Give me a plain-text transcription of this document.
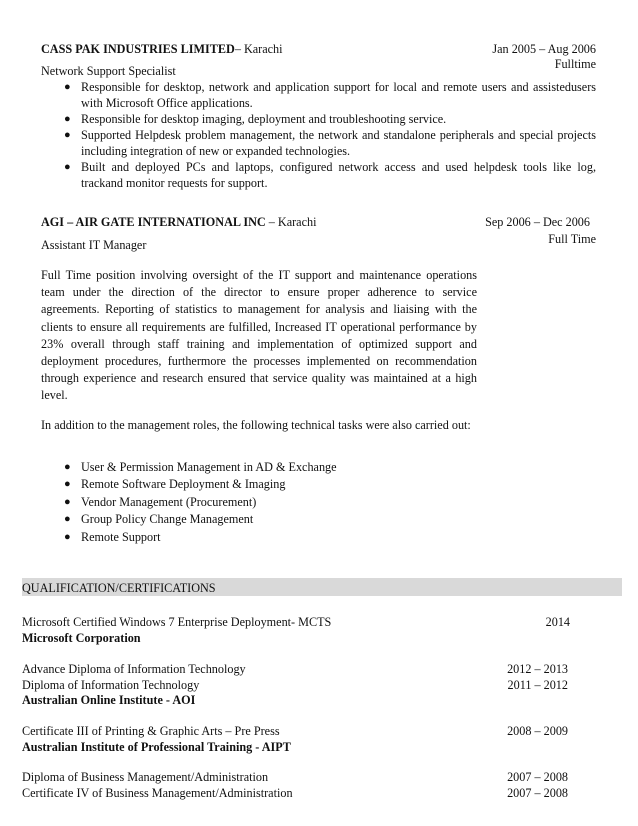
CASS PAK INDUSTRIES LIMITED– Karachi	Jan 2005 – Aug 2006
Fulltime
Network Support Specialist
● Responsible for desktop, network and application support for local and remote users and assistedusers with Microsoft Office applications.
● Responsible for desktop imaging, deployment and troubleshooting service.
● Supported Helpdesk problem management, the network and standalone peripherals and special projects including integration of new or expanded technologies.
● Built and deployed PCs and laptops, configured network access and used helpdesk tools like log, trackand monitor requests for support.
AGI – AIR GATE INTERNATIONAL INC – Karachi	Sep 2006 – Dec 2006
Full Time
Assistant IT Manager
Full Time position involving oversight of the IT support and maintenance operations team under the direction of the director to ensure proper adherence to service agreements. Reporting of statistics to management for analysis and liaising with the clients to ensure all requirements are fulfilled, Increased IT operational performance by 23% overall through staff training and implementation of optimized support and deployment procedures, furthermore the processes implemented on recommendation through experience and research ensured that service quality was maintained at a high level.
In addition to the management roles, the following technical tasks were also carried out:
● User & Permission Management in AD & Exchange
● Remote Software Deployment & Imaging
● Vendor Management (Procurement)
● Group Policy Change Management
● Remote Support
QUALIFICATION/CERTIFICATIONS
Microsoft Certified Windows 7 Enterprise Deployment- MCTS	2014
Microsoft Corporation
Advance Diploma of Information Technology	2012 – 2013
Diploma of Information Technology	2011 – 2012
Australian Online Institute - AOI
Certificate III of Printing & Graphic Arts – Pre Press	2008 – 2009
Australian Institute of Professional Training - AIPT
Diploma of Business Management/Administration	2007 – 2008
Certificate IV of Business Management/Administration	2007 – 2008
